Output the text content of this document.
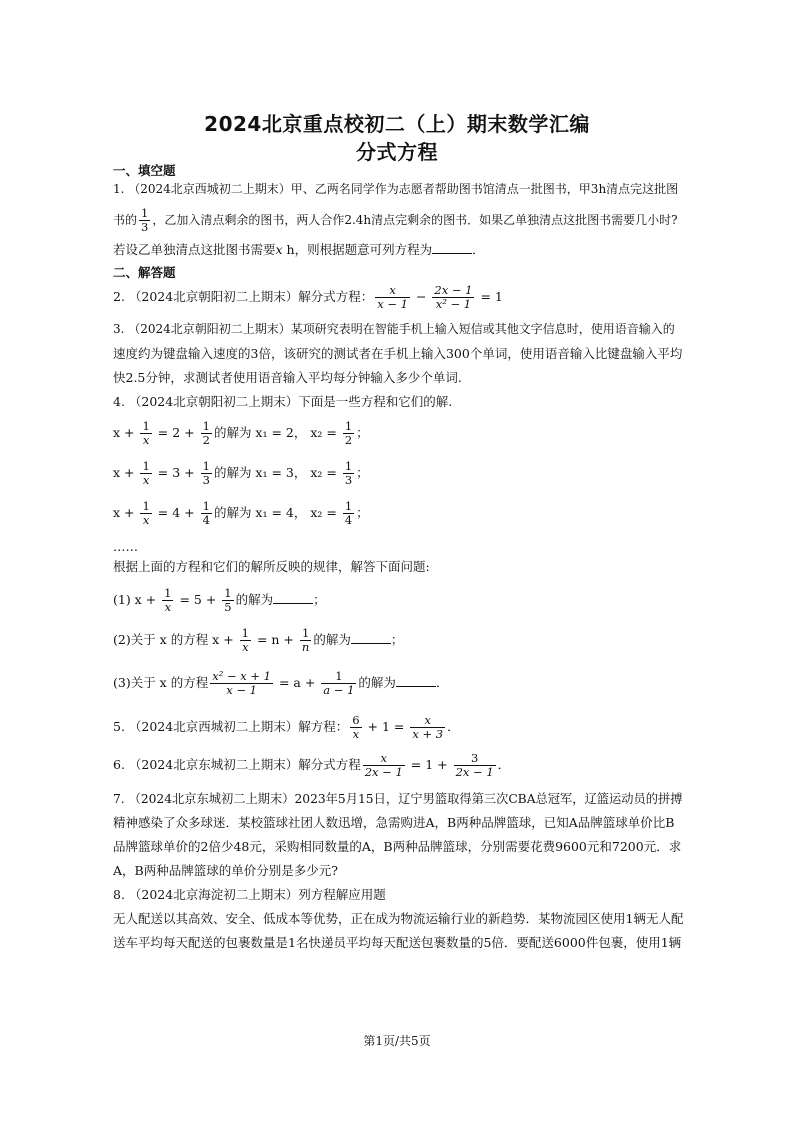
2024北京重点校初二（上）期末数学汇编
分式方程
一、填空题
1. （2024北京西城初二上期末）甲、乙两名同学作为志愿者帮助图书馆清点一批图书，甲3h清点完这批图
书的 $\frac{1}{3}$ ，乙加入清点剩余的图书，两人合作2.4h清点完剩余的图书．如果乙单独清点这批图书需要几小时?
若设乙单独清点这批图书需要x h，则根据题意可列方程为	．
二、解答题
2. （2024北京朝阳初二上期末）解分式方程： $\frac{x}{x - 1} - \frac{2x - 1}{\text{x² − 1}} = 1$
3. （2024北京朝阳初二上期末）某项研究表明在智能手机上输入短信或其他文字信息时，使用语音输入的
速度约为键盘输入速度的3倍，该研究的测试者在手机上输入300个单词，使用语音输入比键盘输入平均
快2.5分钟，求测试者使用语音输入平均每分钟输入多少个单词.
4. （2024北京朝阳初二上期末）下面是一些方程和它们的解.
$x + \frac{1}{x} = 2 + \frac{1}{2}$ 的解为 x₁ = 2， $x_2 = \frac{1}{2}$ ；
$x + \frac{1}{x} = 3 + \frac{1}{3}$ 的解为 x₁ = 3， $x_2 = \frac{1}{3}$ ；
$x + \frac{1}{x} = 4 + \frac{1}{4}$ 的解为 x₁ = 4， $x_2 = \frac{1}{4}$ ；
……
根据上面的方程和它们的解所反映的规律，解答下面问题:
(1) $x + \frac{1}{x} = 5 + \frac{1}{5}$ 的解为	；
(2)关于 x 的方程 $x + \frac{1}{x} = n + \frac{1}{n}$ 的解为	；
(3)关于 x 的方程 $\frac{\text{x² − x + 1}}{x - 1} = a + \frac{1}{a - 1}$ 的解为	．
5. （2024北京西城初二上期末）解方程： $\frac{6}{x} + 1 = \frac{x}{x + 3}$ ．
6. （2024北京东城初二上期末）解分式方程 $\frac{x}{2x - 1} = 1 + \frac{3}{2x - 1}$ ．
7. （2024北京东城初二上期末）2023年5月15日，辽宁男篮取得第三次CBA总冠军，辽篮运动员的拼搏
精神感染了众多球迷．某校篮球社团人数迅增，急需购进A，B两种品牌篮球，已知A品牌篮球单价比B
品牌篮球单价的2倍少48元，采购相同数量的A，B两种品牌篮球，分别需要花费9600元和7200元．求
A，B两种品牌篮球的单价分别是多少元?
8. （2024北京海淀初二上期末）列方程解应用题
无人配送以其高效、安全、低成本等优势，正在成为物流运输行业的新趋势．某物流园区使用1辆无人配
送车平均每天配送的包裹数量是1名快递员平均每天配送包裹数量的5倍．要配送6000件包裹，使用1辆
第1页/共5页
